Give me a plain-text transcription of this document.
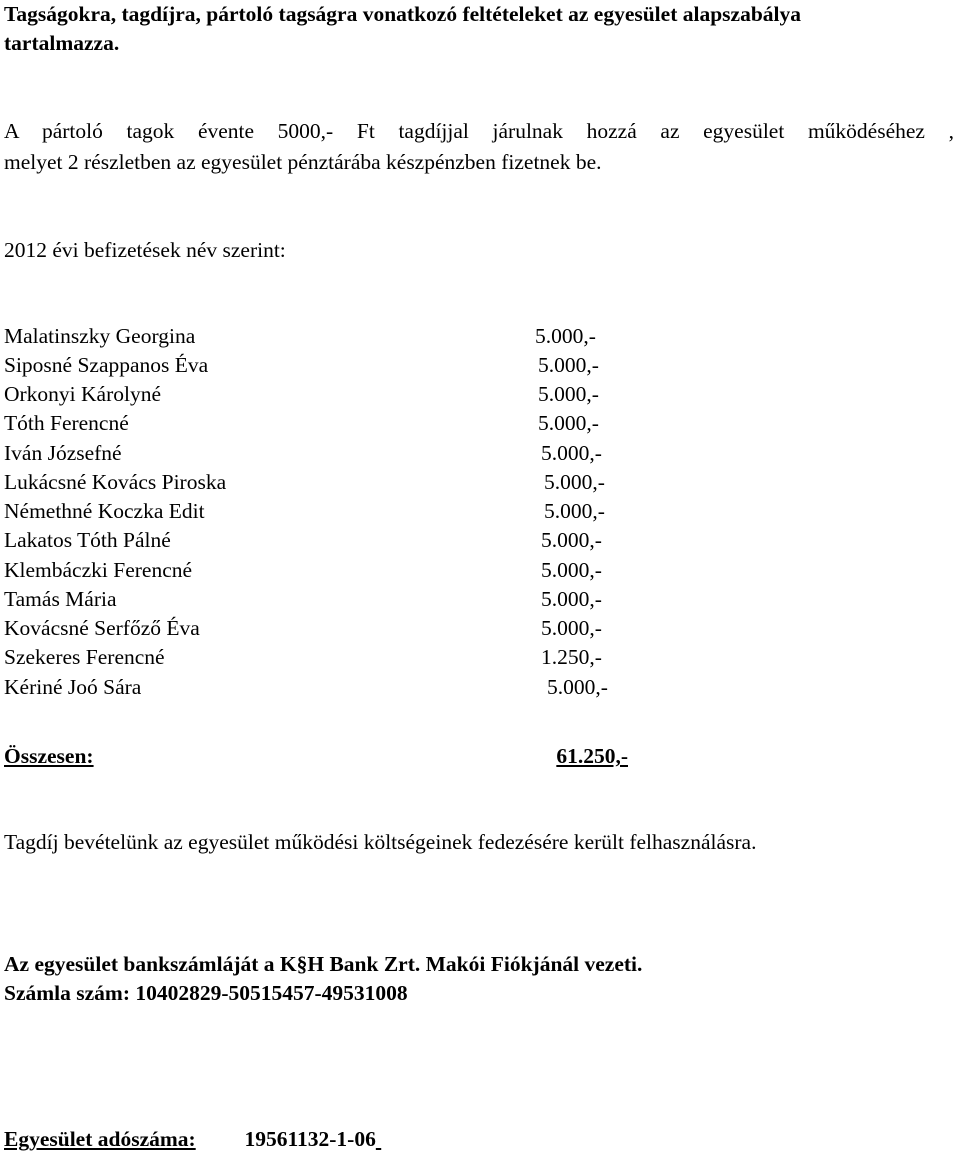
Tagságokra, tagdíjra, pártoló tagságra vonatkozó feltételeket az egyesület alapszabálya
tartalmazza.
A pártoló tagok évente 5000,- Ft tagdíjjal járulnak hozzá az egyesület működéséhez ,
melyet 2 részletben az egyesület pénztárába készpénzben fizetnek be.
2012 évi befizetések név szerint:
Malatinszky Georgina	5.000,-
Siposné Szappanos Éva	5.000,-
Orkonyi Károlyné	5.000,-
Tóth Ferencné	5.000,-
Iván Józsefné	5.000,-
Lukácsné Kovács Piroska	5.000,-
Némethné Koczka Edit	5.000,-
Lakatos Tóth Pálné	5.000,-
Klembáczki Ferencné	5.000,-
Tamás Mária	5.000,-
Kovácsné Serfőző Éva	5.000,-
Szekeres Ferencné	1.250,-
Kériné Joó Sára	5.000,-
Összesen:	61.250,-
Tagdíj bevételünk az egyesület működési költségeinek fedezésére került felhasználásra.
Az egyesület bankszámláját a K§H Bank Zrt. Makói Fiókjánál vezeti.
Számla szám: 10402829-50515457-49531008
Egyesület adószáma: 19561132-1-06
